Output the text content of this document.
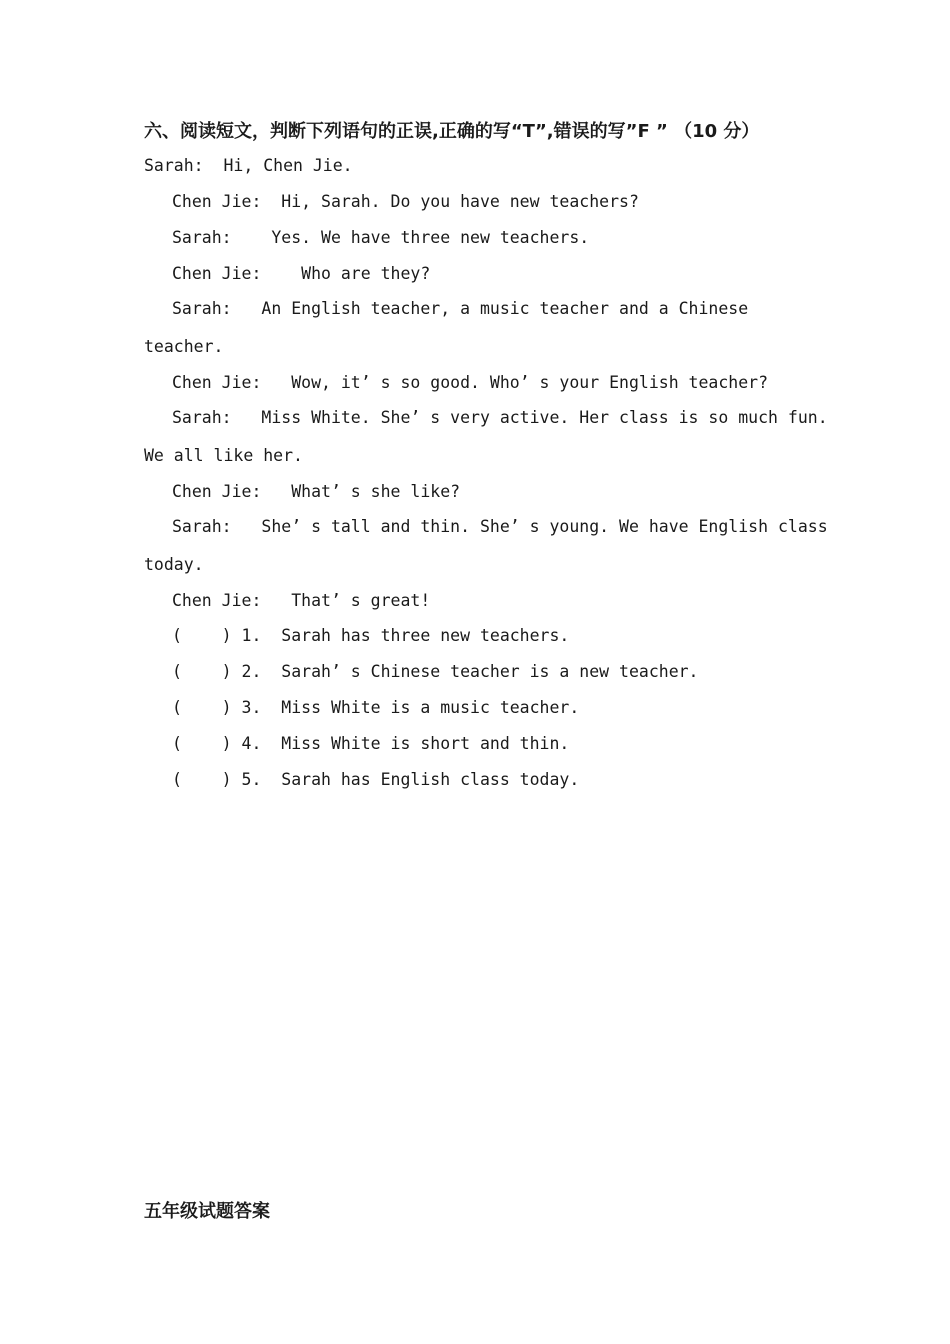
六、阅读短文，判断下列语句的正误,正确的写“T”,错误的写”F ” （10 分）
Sarah:  Hi, Chen Jie.
Chen Jie:  Hi, Sarah. Do you have new teachers?
Sarah:    Yes. We have three new teachers.
Chen Jie:    Who are they?
Sarah:   An English teacher, a music teacher and a Chinese
teacher.
Chen Jie:   Wow, it’ s so good. Who’ s your English teacher?
Sarah:   Miss White. She’ s very active. Her class is so much fun.
We all like her.
Chen Jie:   What’ s she like?
Sarah:   She’ s tall and thin. She’ s young. We have English class
today.
Chen Jie:   That’ s great!
(    ) 1.  Sarah has three new teachers.
(    ) 2.  Sarah’ s Chinese teacher is a new teacher.
(    ) 3.  Miss White is a music teacher.
(    ) 4.  Miss White is short and thin.
(    ) 5.  Sarah has English class today.
五年级试题答案
